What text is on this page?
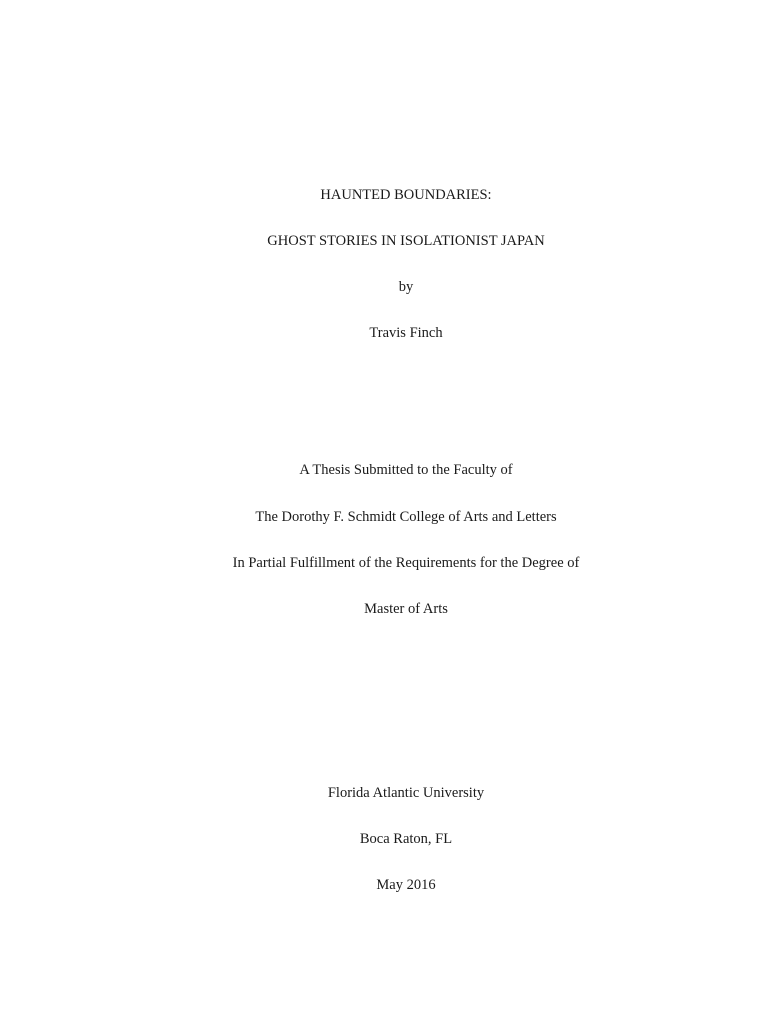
HAUNTED BOUNDARIES:
GHOST STORIES IN ISOLATIONIST JAPAN
by
Travis Finch
A Thesis Submitted to the Faculty of
The Dorothy F. Schmidt College of Arts and Letters
In Partial Fulfillment of the Requirements for the Degree of
Master of Arts
Florida Atlantic University
Boca Raton, FL
May 2016
